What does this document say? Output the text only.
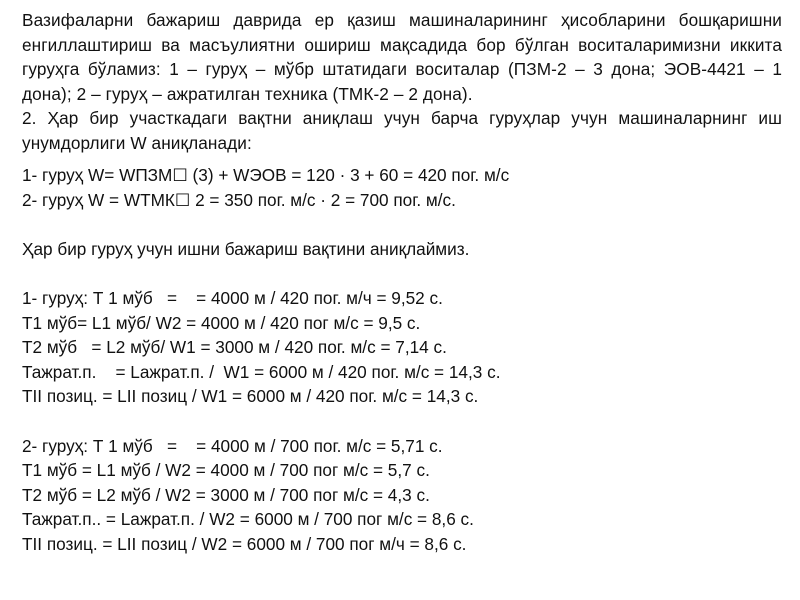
Вазифаларни бажариш даврида ер қазиш машиналарининг ҳисобларини бошқаришни енгиллаштириш ва масъулиятни ошириш мақсадида бор бўлган воситаларимизни иккита гуруҳга бўламиз: 1 – гуруҳ – мўбр штатидаги воситалар (ПЗМ-2 – 3 дона; ЭОВ-4421 – 1 дона); 2 – гуруҳ – ажратилган техника (ТМК-2 – 2 дона).

2. Ҳар бир участкадаги вақтни аниқлаш учун барча гуруҳлар учун машиналарнинг иш унумдорлиги W аниқланади:

1- гуруҳ W= WПЗМ☐ (3) + WЭОВ = 120 · 3 + 60 = 420 пог. м/с
2- гуруҳ W = WТМК☐ 2 = 350 пог. м/с · 2 = 700 пог. м/с.
Ҳар бир гуруҳ учун ишни бажариш вақтини аниқлаймиз.
1- гуруҳ: Т 1 мўб   =    = 4000 м / 420 пог. м/ч = 9,52 с.
Т1 мўб= L1 мўб/ W2 = 4000 м / 420 пог м/с = 9,5 с.
Т2 мўб   = L2 мўб/ W1 = 3000 м / 420 пог. м/с = 7,14 с.
Тажрат.п.    = Lажрат.п. /  W1 = 6000 м / 420 пог. м/с = 14,3 с.
ТII позиц. = LII позиц / W1 = 6000 м / 420 пог. м/с = 14,3 с.
2- гуруҳ: Т 1 мўб   =    = 4000 м / 700 пог. м/с = 5,71 с.
Т1 мўб = L1 мўб / W2 = 4000 м / 700 пог м/с = 5,7 с.
Т2 мўб = L2 мўб / W2 = 3000 м / 700 пог м/с = 4,3 с.
Тажрат.п.. = Lажрат.п. / W2 = 6000 м / 700 пог м/с = 8,6 с.
ТII позиц. = LII позиц / W2 = 6000 м / 700 пог м/ч = 8,6 с.
